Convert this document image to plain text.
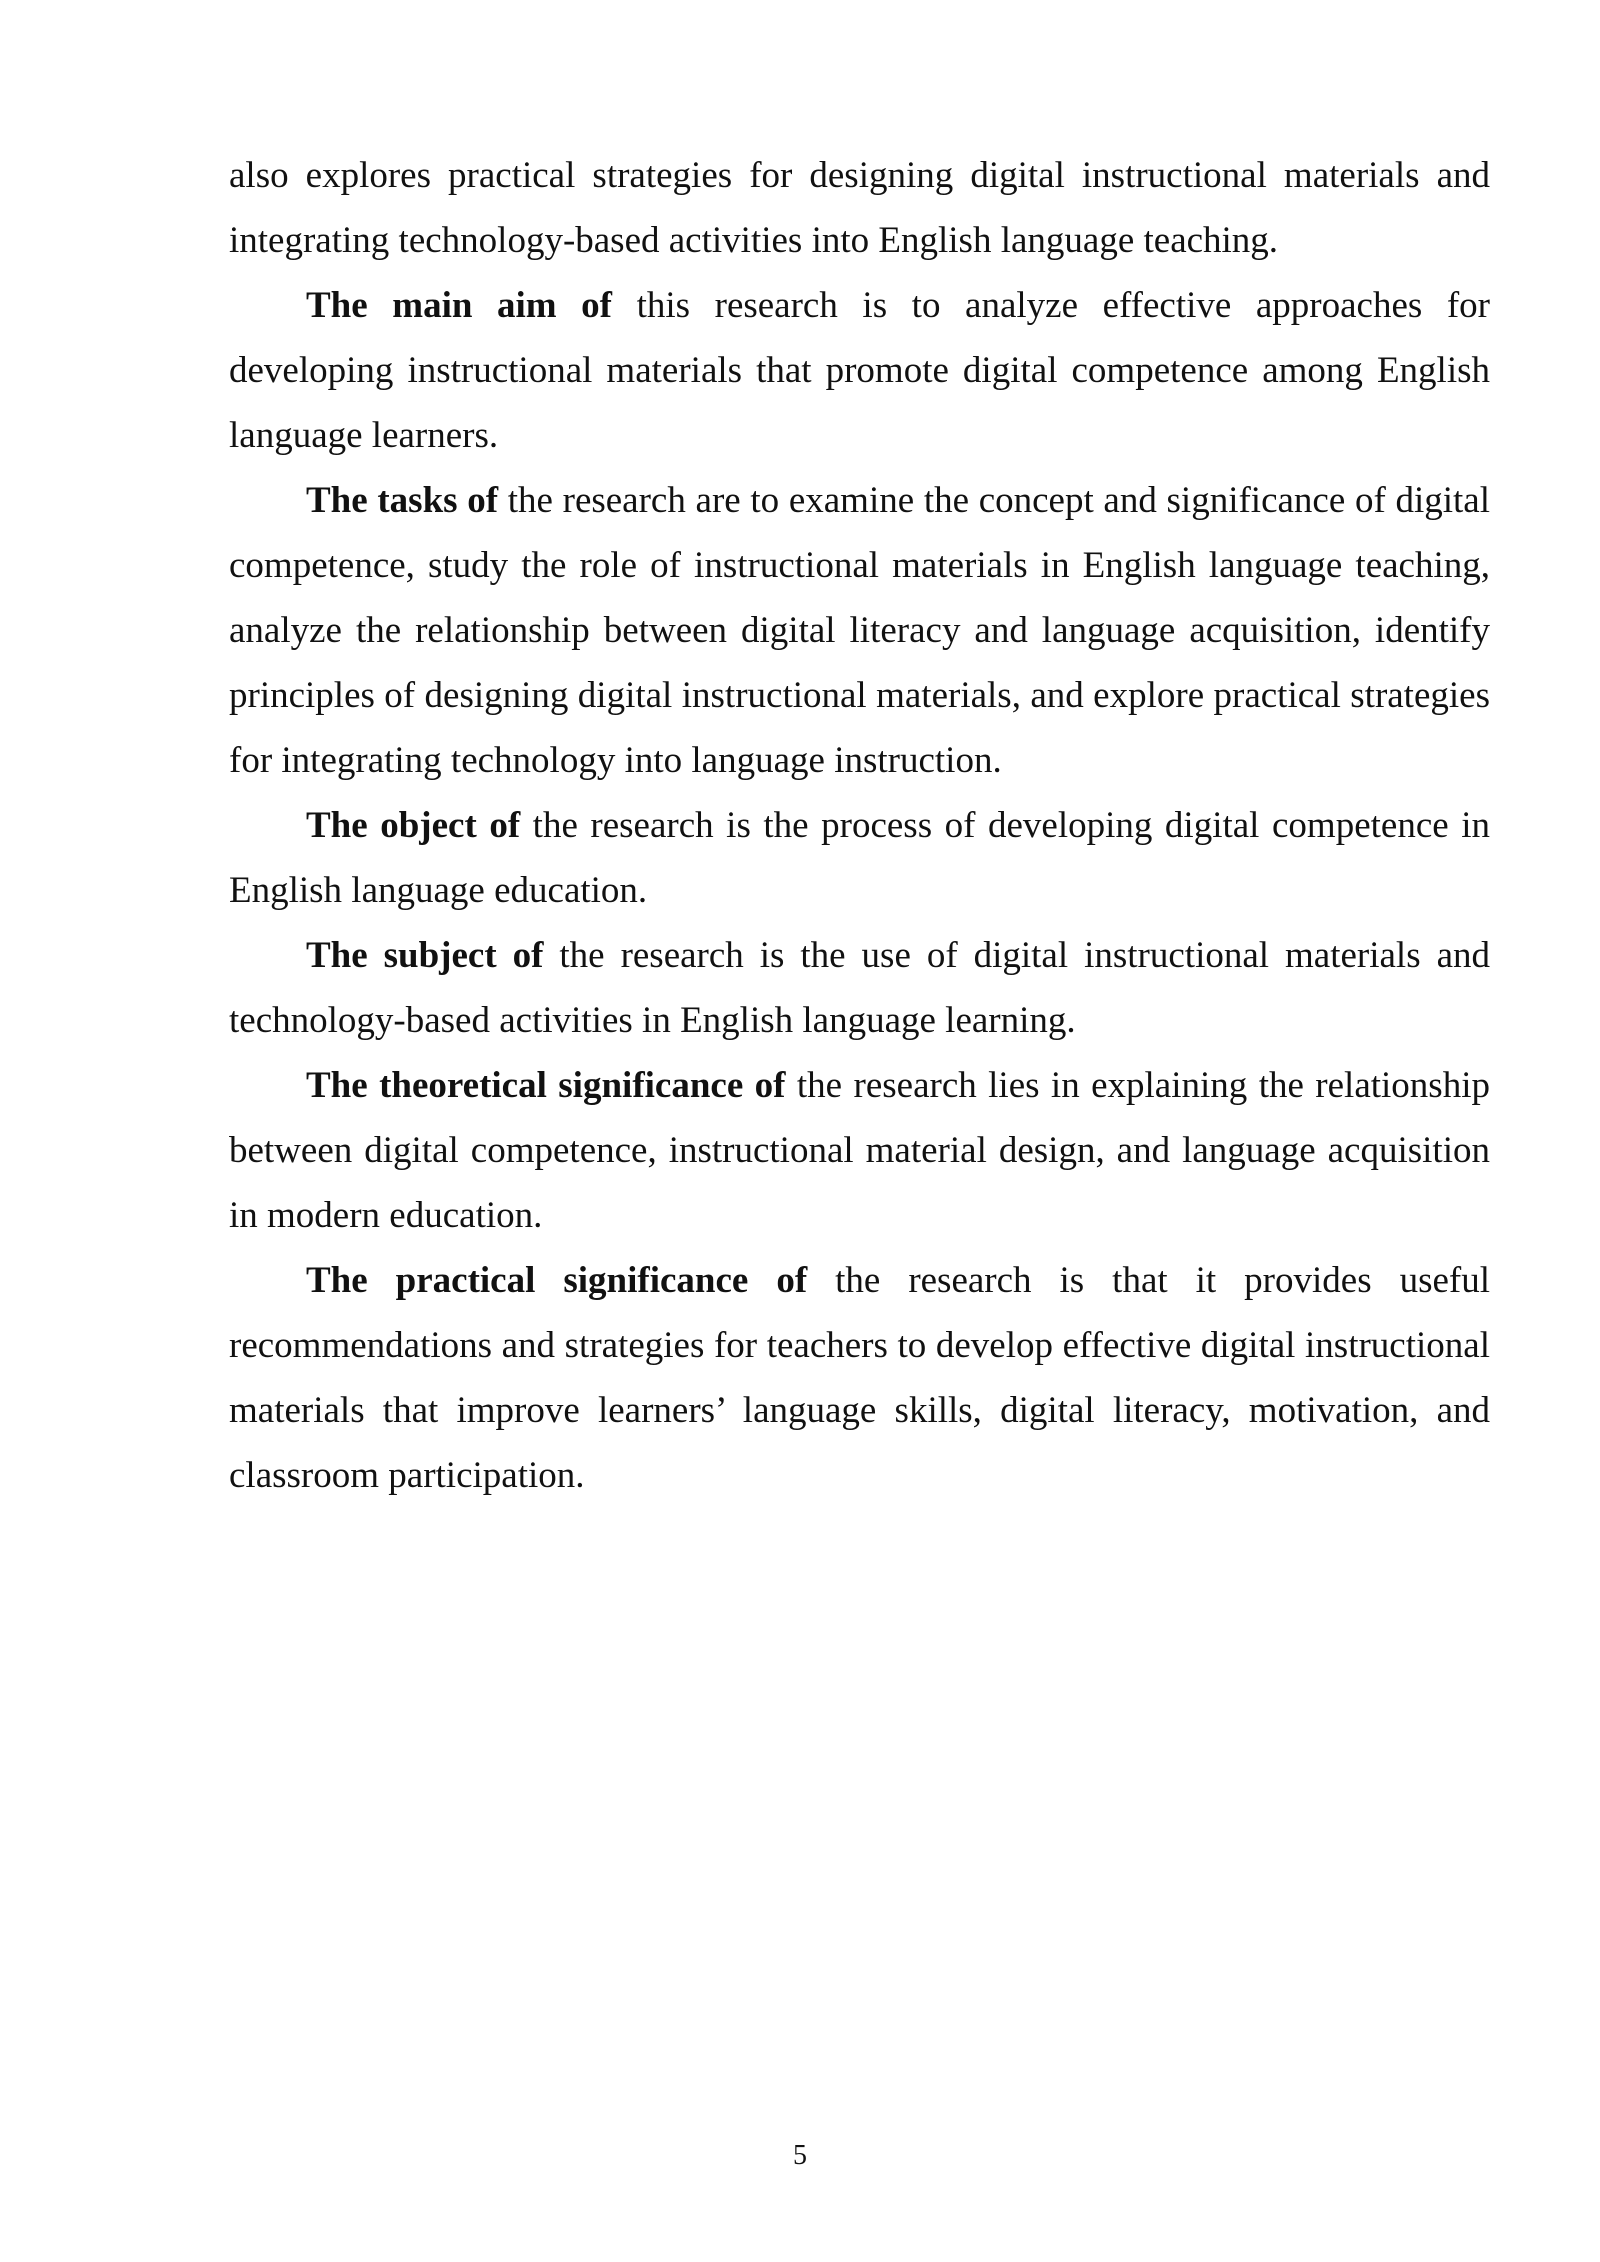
also explores practical strategies for designing digital instructional materials and integrating technology-based activities into English language teaching.

The main aim of this research is to analyze effective approaches for developing instructional materials that promote digital competence among English language learners.

The tasks of the research are to examine the concept and significance of digital competence, study the role of instructional materials in English language teaching, analyze the relationship between digital literacy and language acquisition, identify principles of designing digital instructional materials, and explore practical strategies for integrating technology into language instruction.

The object of the research is the process of developing digital competence in English language education.

The subject of the research is the use of digital instructional materials and technology-based activities in English language learning.

The theoretical significance of the research lies in explaining the relationship between digital competence, instructional material design, and language acquisition in modern education.

The practical significance of the research is that it provides useful recommendations and strategies for teachers to develop effective digital instructional materials that improve learners’ language skills, digital literacy, motivation, and classroom participation.

5
